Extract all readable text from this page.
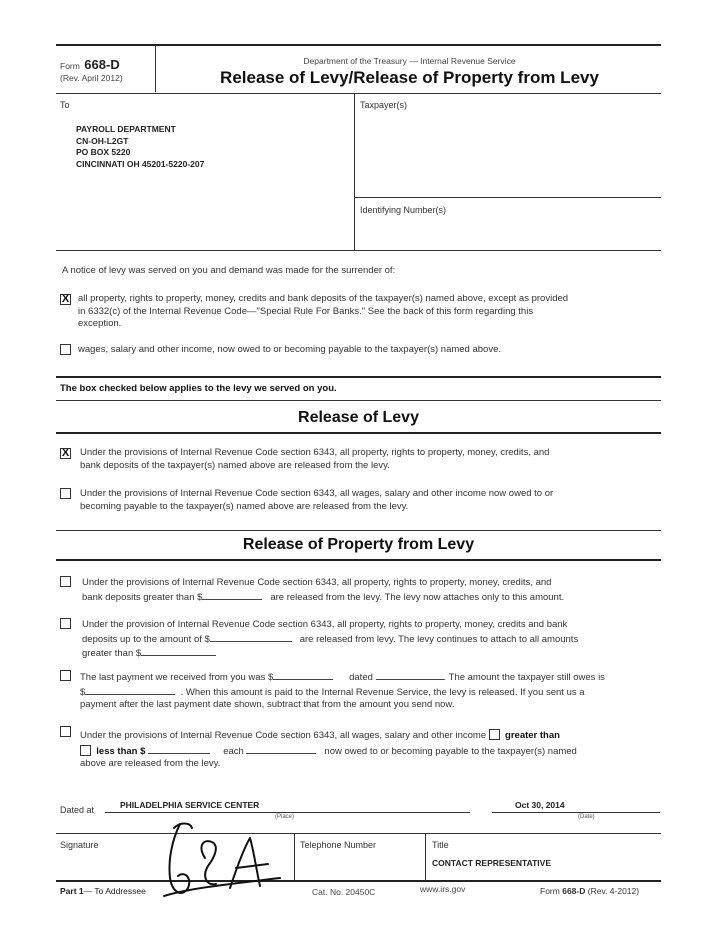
Form 668-D
(Rev. April 2012)
Department of the Treasury — Internal Revenue Service
Release of Levy/Release of Property from Levy
To
PAYROLL DEPARTMENT
CN-OH-L2GT
PO BOX 5220
CINCINNATI OH 45201-5220-207
Taxpayer(s)
Identifying Number(s)
A notice of levy was served on you and demand was made for the surrender of:
X all property, rights to property, money, credits and bank deposits of the taxpayer(s) named above, except as provided
in 6332(c) of the Internal Revenue Code—"Special Rule For Banks." See the back of this form regarding this
exception.
wages, salary and other income, now owed to or becoming payable to the taxpayer(s) named above.
The box checked below applies to the levy we served on you.
Release of Levy
X Under the provisions of Internal Revenue Code section 6343, all property, rights to property, money, credits, and
bank deposits of the taxpayer(s) named above are released from the levy.
Under the provisions of Internal Revenue Code section 6343, all wages, salary and other income now owed to or
becoming payable to the taxpayer(s) named above are released from the levy.
Release of Property from Levy
Under the provisions of Internal Revenue Code section 6343, all property, rights to property, money, credits, and
bank deposits greater than $	are released from the levy. The levy now attaches only to this amount.
Under the provision of Internal Revenue Code section 6343, all property, rights to property, money, credits and bank
deposits up to the amount of $	are released from levy. The levy continues to attach to all amounts
greater than $
The last payment we received from you was $	dated	. The amount the taxpayer still owes is
$	. When this amount is paid to the Internal Revenue Service, the levy is released. If you sent us a
payment after the last payment date shown, subtract that from the amount you send now.
Under the provisions of Internal Revenue Code section 6343, all wages, salary and other income greater than
less than $	each	now owed to or becoming payable to the taxpayer(s) named
above are released from the levy.
Dated at	PHILADELPHIA SERVICE CENTER
(Place)
Oct 30, 2014
(Date)
Signature	Telephone Number	Title
CONTACT REPRESENTATIVE
Part 1— To Addressee	Cat. No. 20450C	www.irs.gov	Form 668-D (Rev. 4-2012)
